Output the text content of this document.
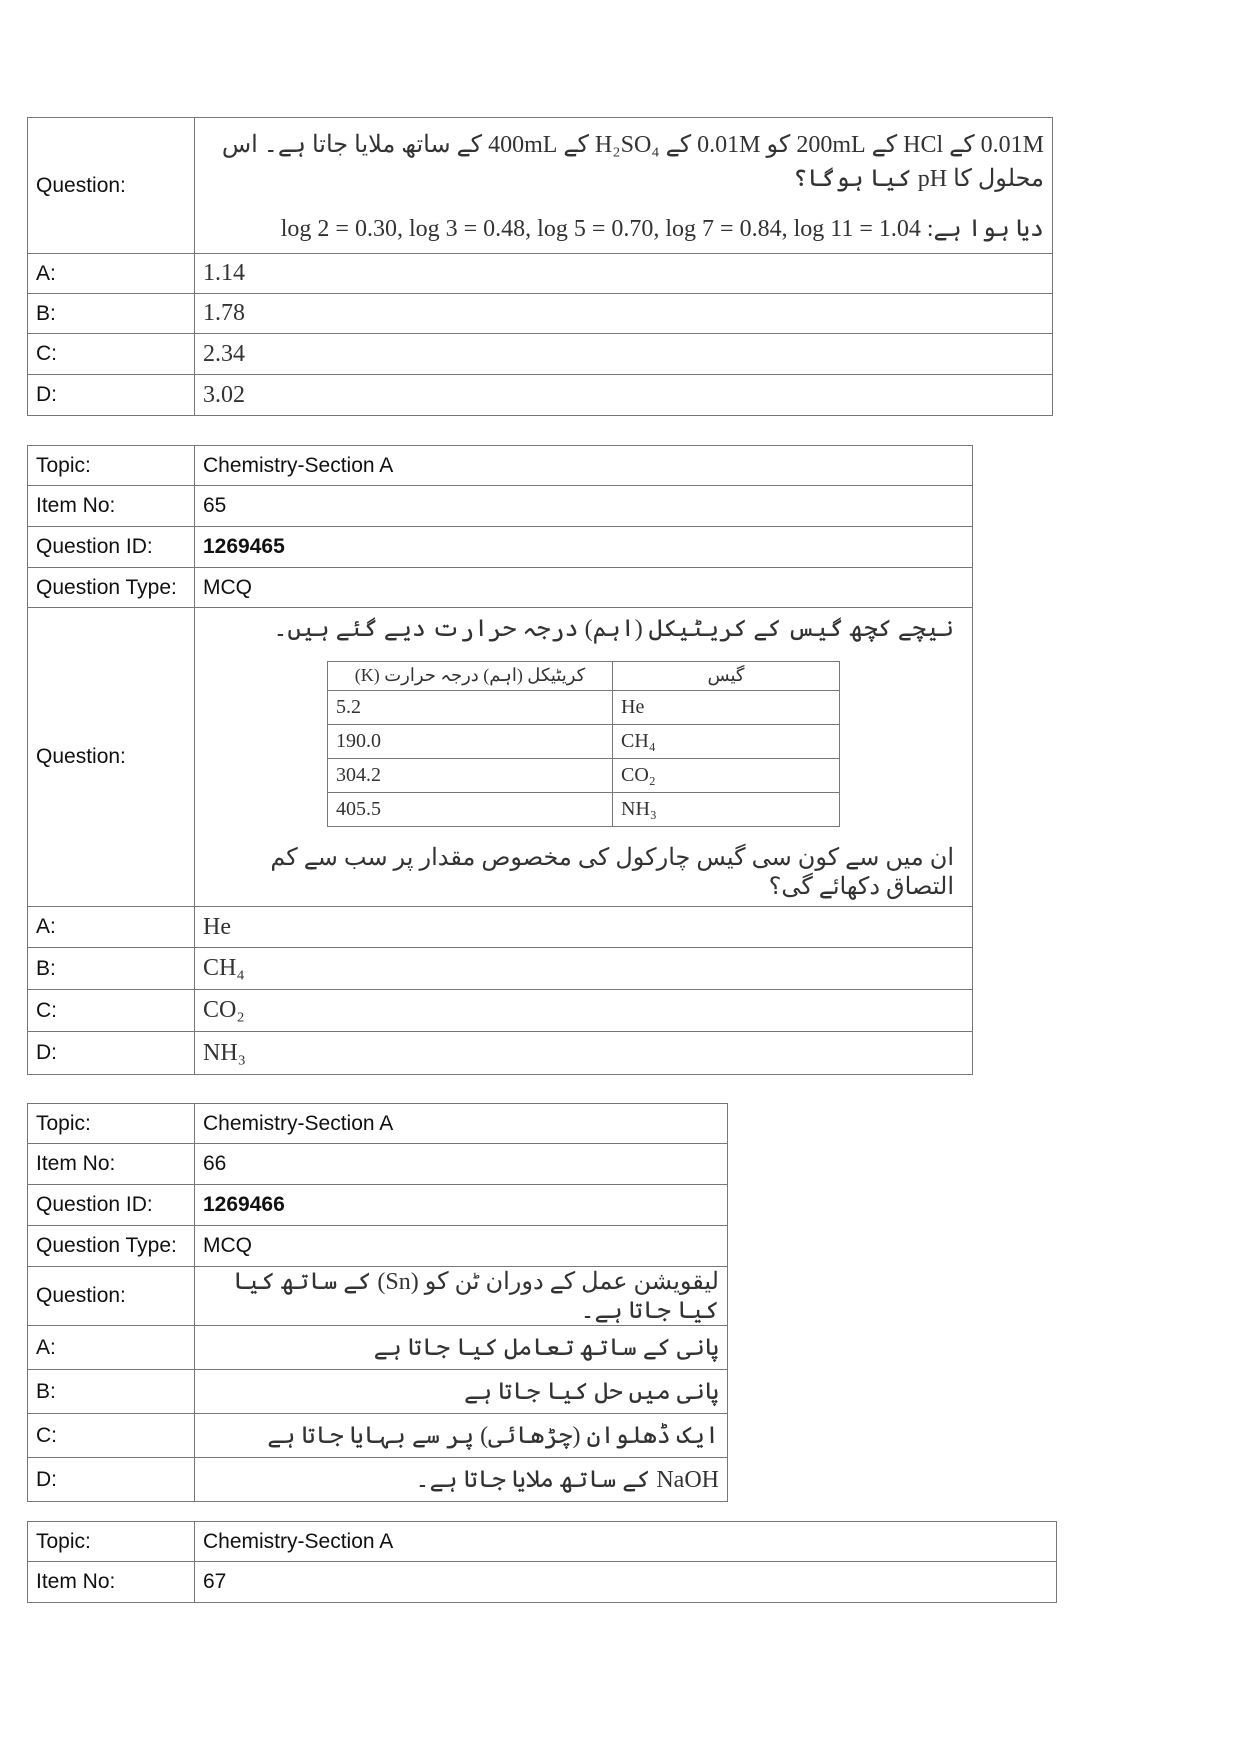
Question:	0.01M کے HCl کے 200mL کو 0.01M کے H₂SO₄ کے 400mL کے ساتھ ملایا جاتا ہے۔ اس محلول کا pH کیا ہوگا؟

دیا ہوا ہے: log 2 = 0.30, log 3 = 0.48, log 5 = 0.70, log 7 = 0.84, log 11 = 1.04

A:	1.14
B:	1.78
C:	2.34
D:	3.02
Topic:	Chemistry-Section A
Item No:	65
Question ID:	1269465
Question Type:	MCQ
Question:	

نیچے کچھ گیس کے کریٹیکل (اہم) درجہ حرارت دیے گئے ہیں۔

کریٹیکل (اہم) درجہ حرارت (K)	گیس
5.2	He
190.0	CH₄
304.2	CO₂
405.5	NH₃

ان میں سے کون سی گیس چارکول کی مخصوص مقدار پر سب سے کم التصاق دکھائے گی؟

A:	He
B:	CH₄
C:	CO₂
D:	NH₃
Topic:	Chemistry-Section A
Item No:	66
Question ID:	1269466
Question Type:	MCQ
Question:	لیقویشن عمل کے دوران ٹن کو (Sn) کے ساتھ کیا کیا جاتا ہے۔
A:	پانی کے ساتھ تعامل کیا جاتا ہے
B:	پانی میں حل کیا جاتا ہے
C:	ایک ڈھلوان (چڑھائی) پر سے بہایا جاتا ہے
D:	NaOH کے ساتھ ملایا جاتا ہے۔
Topic:	Chemistry-Section A
Item No:	67
